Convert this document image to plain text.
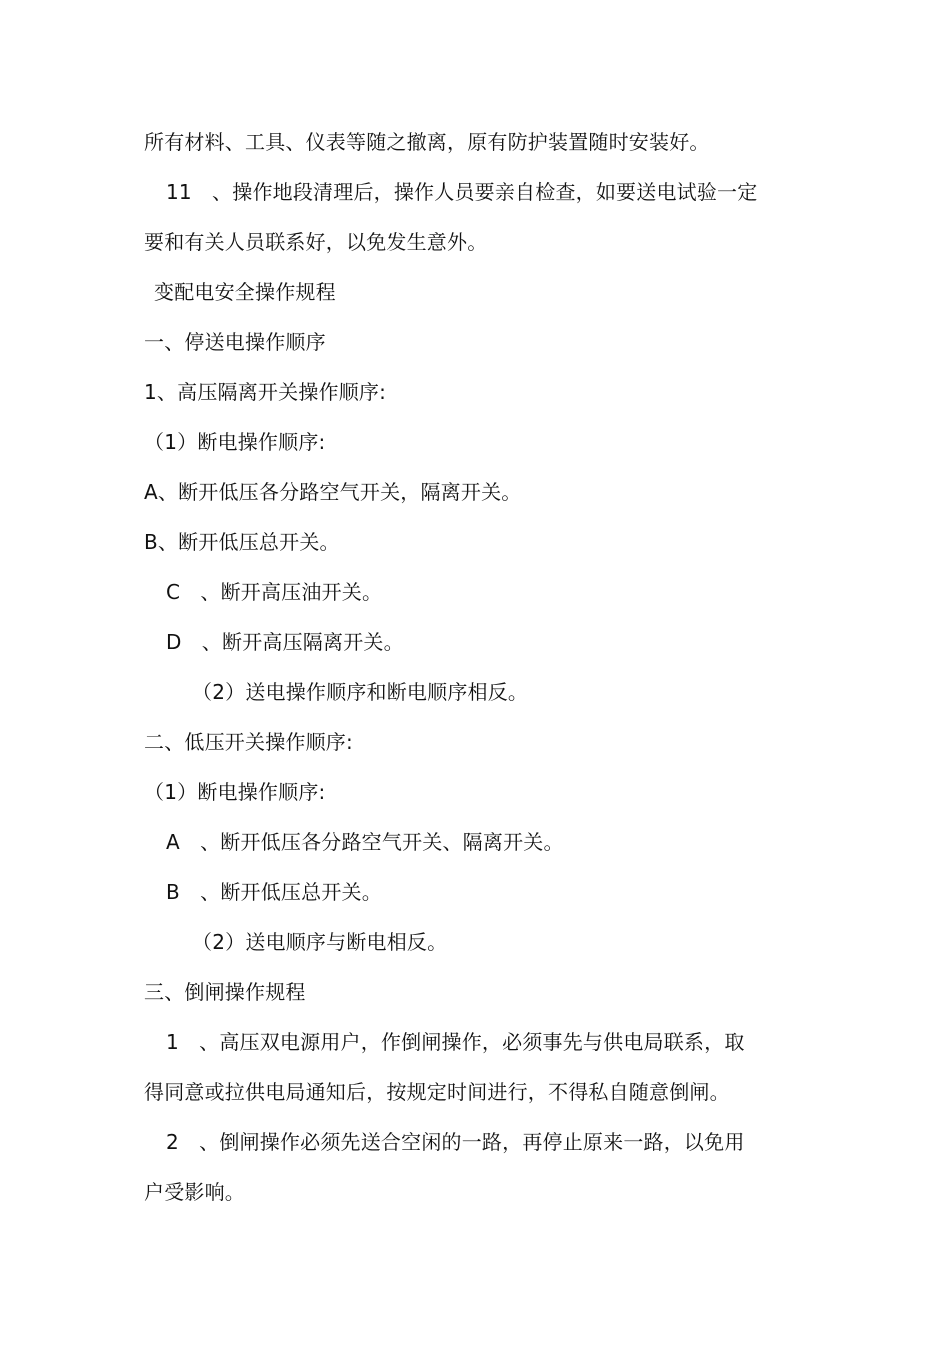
所有材料、工具、仪表等随之撤离，原有防护装置随时安装好。
11　、操作地段清理后，操作人员要亲自检查，如要送电试验一定
要和有关人员联系好，以免发生意外。
变配电安全操作规程
一、停送电操作顺序
1、高压隔离开关操作顺序:
（1）断电操作顺序:
A、断开低压各分路空气开关，隔离开关。
B、断开低压总开关。
C　、断开高压油开关。
D　、断开高压隔离开关。
（2）送电操作顺序和断电顺序相反。
二、低压开关操作顺序:
（1）断电操作顺序:
A　、断开低压各分路空气开关、隔离开关。
B　、断开低压总开关。
（2）送电顺序与断电相反。
三、倒闸操作规程
1　、高压双电源用户，作倒闸操作，必须事先与供电局联系，取
得同意或拉供电局通知后，按规定时间进行，不得私自随意倒闸。
2　、倒闸操作必须先送合空闲的一路，再停止原来一路，以免用
户受影响。
